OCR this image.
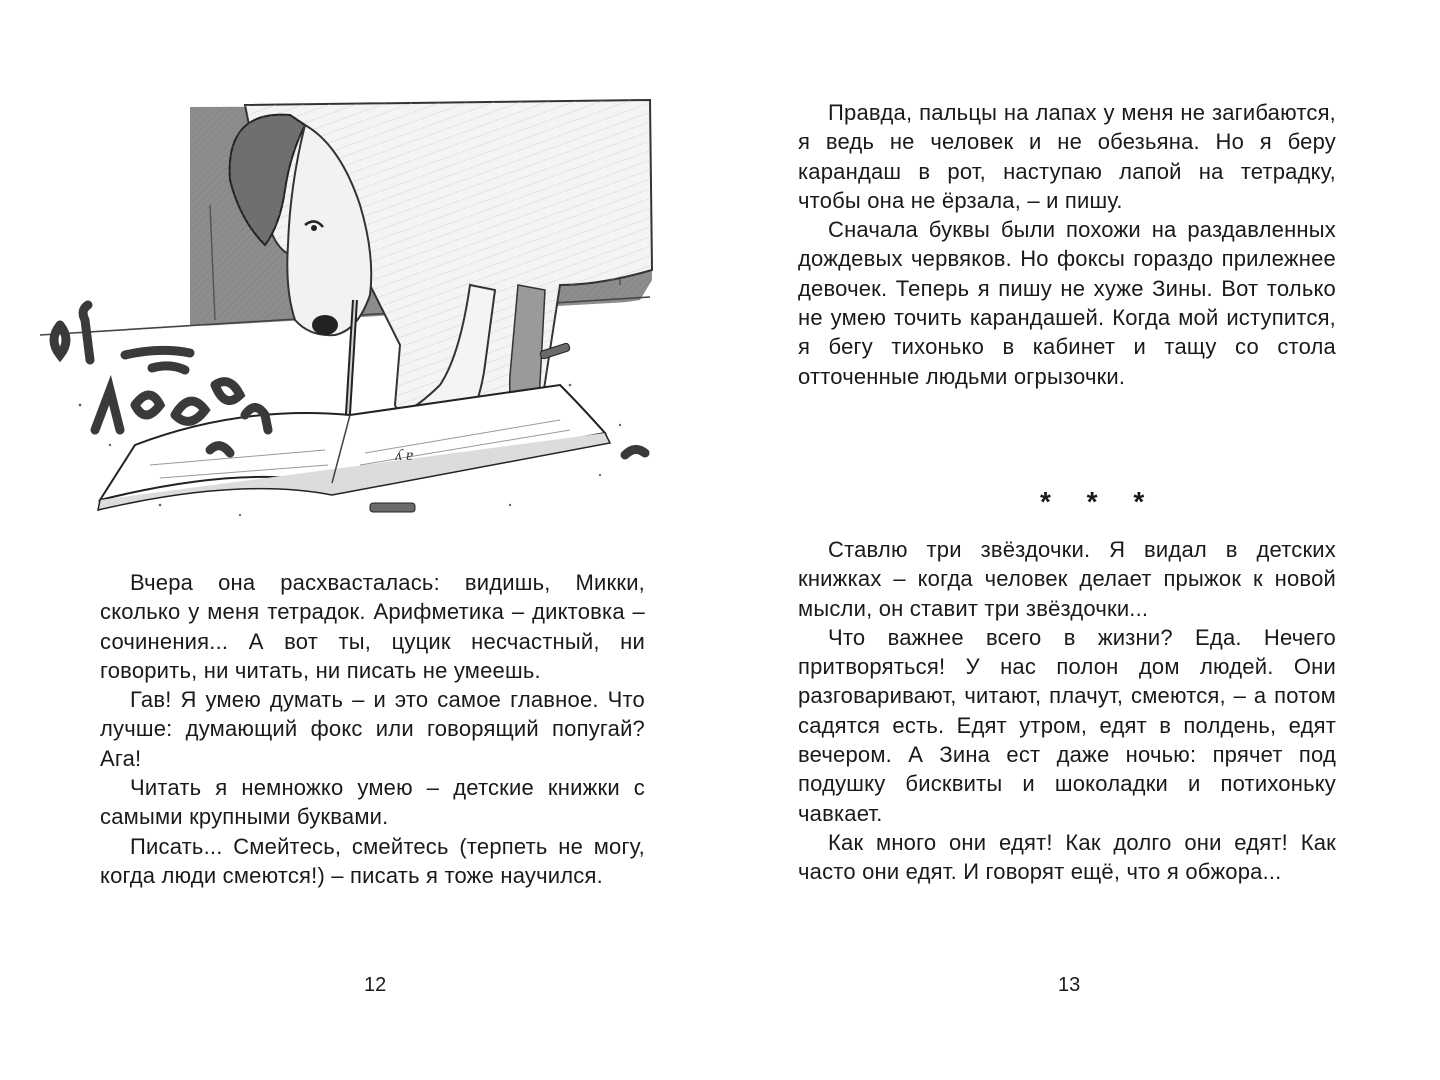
ʎ ɐ

Вчера она расхвасталась: видишь, Микки, сколько у меня тетрадок. Арифметика – диктовка – сочинения... А вот ты, цуцик несчастный, ни говорить, ни читать, ни писать не умеешь.

Гав! Я умею думать – и это самое главное. Что лучше: думающий фокс или говорящий попугай? Ага!

Читать я немножко умею – детские книжки с самыми крупными буквами.

Писать... Смейтесь, смейтесь (терпеть не могу, когда люди смеются!) – писать я тоже научился.

12

Правда, пальцы на лапах у меня не загибаются, я ведь не человек и не обезьяна. Но я беру карандаш в рот, наступаю лапой на тетрадку, чтобы она не ёрзала, – и пишу.

Сначала буквы были похожи на раздавленных дождевых червяков. Но фоксы гораздо прилежнее девочек. Теперь я пишу не хуже Зины. Вот только не умею точить карандашей. Когда мой иступится, я бегу тихонько в кабинет и тащу со стола отточенные людьми огрызочки.

* * *

Ставлю три звёздочки. Я видал в детских книжках – когда человек делает прыжок к новой мысли, он ставит три звёздочки...

Что важнее всего в жизни? Еда. Нечего притворяться! У нас полон дом людей. Они разговаривают, читают, плачут, смеются, – а потом садятся есть. Едят утром, едят в полдень, едят вечером. А Зина ест даже ночью: прячет под подушку бисквиты и шоколадки и потихоньку чавкает.

Как много они едят! Как долго они едят! Как часто они едят. И говорят ещё, что я обжора...

13
